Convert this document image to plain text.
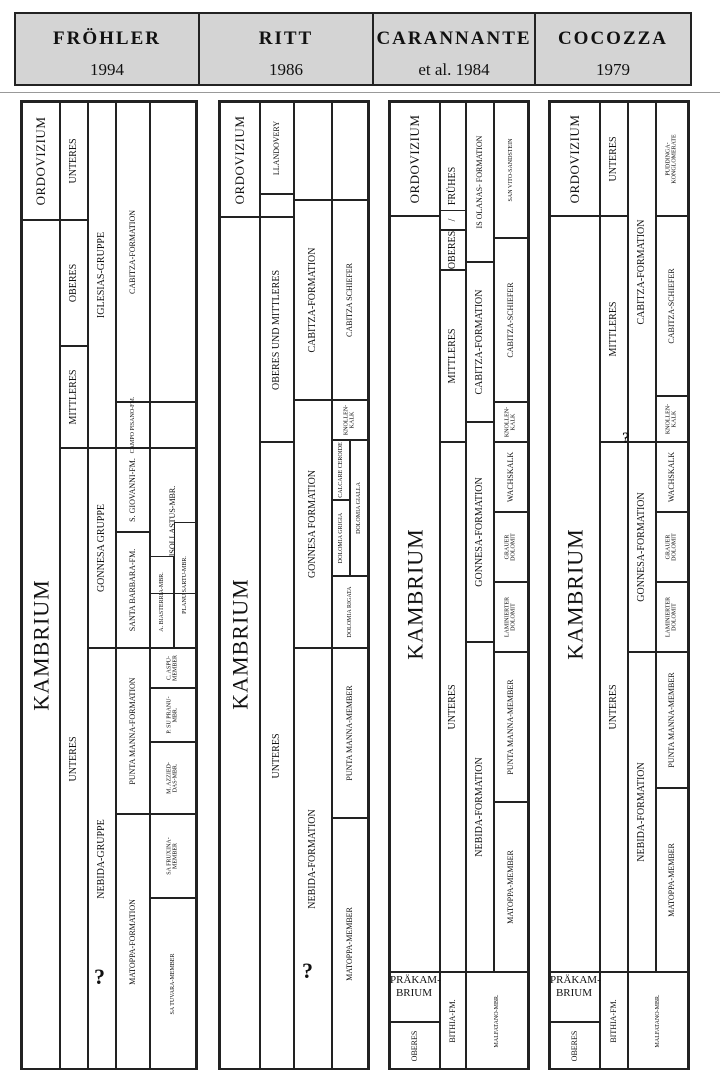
FRÖHLER
1994
RITT
1986
CARANNANTE
et al. 1984
COCOZZA
1979
ORDOVIZIUM
KAMBRIUM
UNTERES
OBERES
MITTLERES
UNTERES
IGLESIAS-GRUPPE
GONNESA GRUPPE
NEBIDA-GRUPPE
?
CABITZA-FORMATION
CAMPO PISANO-FM.
S. GIOVANNI-FM.
SANTA BARBARA-FM.
PUNTA MANNA-FORMATION
MATOPPA-FORMATION
ISOLLASTUS-MBR.
A. BIASTERRIA-MBR.	PLANU SARTU-MBR.
C. ASPU-
MEMBER
P. SU PRANU-
MBR.
M. AZZIED-
DAS-MBR.
SA FRUXINA-
MEMBER
SA TUVARA-MEMBER
ORDOVIZIUM
KAMBRIUM
LLANDOVERY
OBERES UND MITTLERES
UNTERES
CABITZA-FORMATION
GONNESA FORMATION
NEBIDA-FORMATION
?
CABITZA SCHIEFER
KNOLLEN-
KALK
CALCARE CEROIDE
DOLOMIA GIALLA
DOLOMIA GRIGIA
DOLOMIA RIGATA
PUNTA MANNA-MEMBER
MATOPPA-MEMBER
ORDOVIZIUM
KAMBRIUM
OBERES
FRÜHES
/
OBERES
MITTLERES
UNTERES
BITHIA-FM.
IS OLANAS- FORMATION
CABITZA-FORMATION
GONNESA-FORMATION
NEBIDA-FORMATION
MALFATANO-MBR.
SAN VITO-SANDSTEIN
CABITZA-SCHIEFER
KNOLLEN-
KALK
WACHSKALK
GRAUER
DOLOMIT
LAMINIERTER
DOLOMIT
PUNTA MANNA-MEMBER
MATOPPA-MEMBER
ORDOVIZIUM
KAMBRIUM
OBERES
UNTERES
MITTLERES
UNTERES
BITHIA-FM.
CABITZA-FORMATION
GONNESA-FORMATION
NEBIDA-FORMATION
?
MALFATANO-MBR.
PUDDINGA-
KONGLOMERATE
CABITZA-SCHIEFER
KNOLLEN-
KALK
WACHSKALK
GRAUER
DOLOMIT
LAMINIERTER
DOLOMIT
PUNTA MANNA-MEMBER
MATOPPA-MEMBER
PRÄKAM-
BRIUM
PRÄKAM-
BRIUM
